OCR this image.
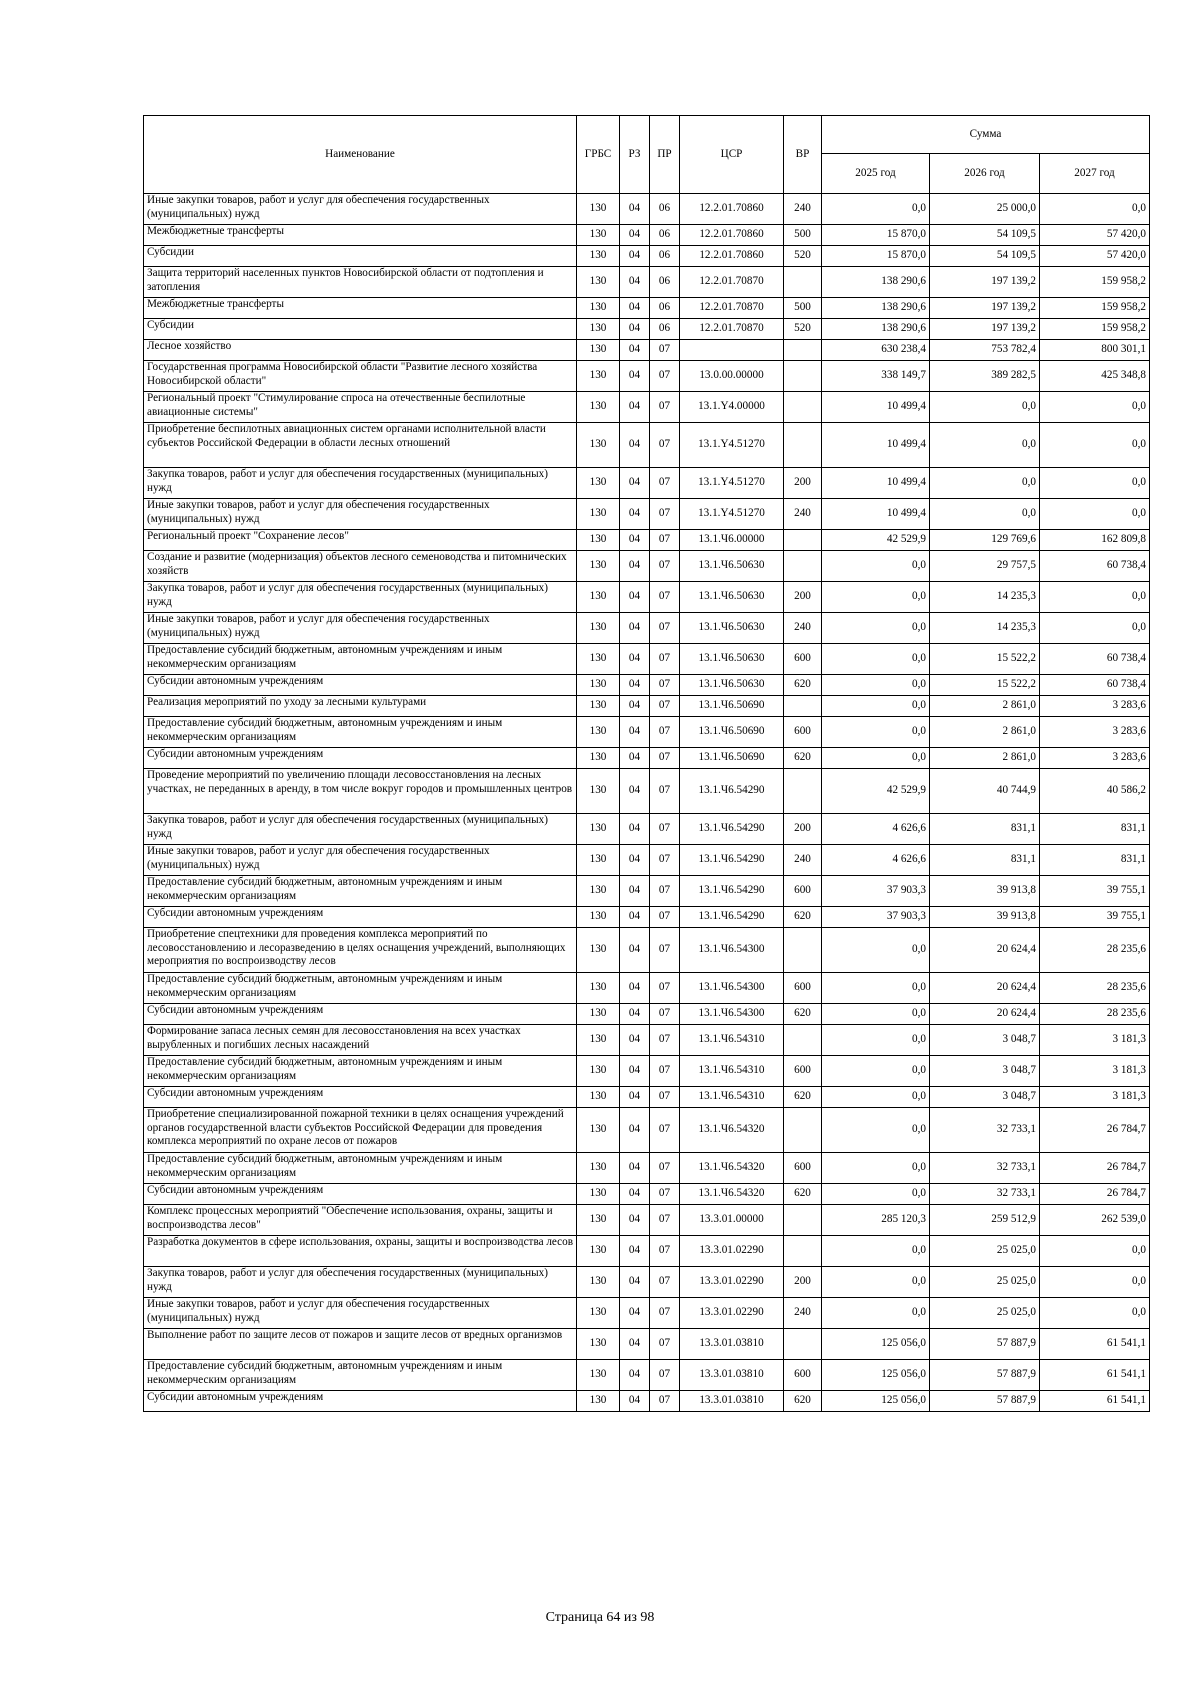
Наименование	ГРБС	РЗ	ПР	ЦСР	ВР	Сумма		
						2025 год	2026 год	2027 год
Иные закупки товаров, работ и услуг для обеспечения государственных (муниципальных) нужд	130	04	06	12.2.01.70860	240	0,0	25 000,0	0,0
Межбюджетные трансферты	130	04	06	12.2.01.70860	500	15 870,0	54 109,5	57 420,0
Субсидии	130	04	06	12.2.01.70860	520	15 870,0	54 109,5	57 420,0
Защита территорий населенных пунктов Новосибирской области от подтопления и затопления	130	04	06	12.2.01.70870		138 290,6	197 139,2	159 958,2
Межбюджетные трансферты	130	04	06	12.2.01.70870	500	138 290,6	197 139,2	159 958,2
Субсидии	130	04	06	12.2.01.70870	520	138 290,6	197 139,2	159 958,2
Лесное хозяйство	130	04	07			630 238,4	753 782,4	800 301,1
Государственная программа Новосибирской области "Развитие лесного хозяйства Новосибирской области"	130	04	07	13.0.00.00000		338 149,7	389 282,5	425 348,8
Региональный проект "Стимулирование спроса на отечественные беспилотные авиационные системы"	130	04	07	13.1.Y4.00000		10 499,4	0,0	0,0
Приобретение беспилотных авиационных систем органами исполнительной власти субъектов Российской Федерации в области лесных отношений	130	04	07	13.1.Y4.51270		10 499,4	0,0	0,0
Закупка товаров, работ и услуг для обеспечения государственных (муниципальных) нужд	130	04	07	13.1.Y4.51270	200	10 499,4	0,0	0,0
Иные закупки товаров, работ и услуг для обеспечения государственных (муниципальных) нужд	130	04	07	13.1.Y4.51270	240	10 499,4	0,0	0,0
Региональный проект "Сохранение лесов"	130	04	07	13.1.Ч6.00000		42 529,9	129 769,6	162 809,8
Создание и развитие (модернизация) объектов лесного семеноводства и питомнических хозяйств	130	04	07	13.1.Ч6.50630		0,0	29 757,5	60 738,4
Закупка товаров, работ и услуг для обеспечения государственных (муниципальных) нужд	130	04	07	13.1.Ч6.50630	200	0,0	14 235,3	0,0
Иные закупки товаров, работ и услуг для обеспечения государственных (муниципальных) нужд	130	04	07	13.1.Ч6.50630	240	0,0	14 235,3	0,0
Предоставление субсидий бюджетным, автономным учреждениям и иным некоммерческим организациям	130	04	07	13.1.Ч6.50630	600	0,0	15 522,2	60 738,4
Субсидии автономным учреждениям	130	04	07	13.1.Ч6.50630	620	0,0	15 522,2	60 738,4
Реализация мероприятий по уходу за лесными культурами	130	04	07	13.1.Ч6.50690		0,0	2 861,0	3 283,6
Предоставление субсидий бюджетным, автономным учреждениям и иным некоммерческим организациям	130	04	07	13.1.Ч6.50690	600	0,0	2 861,0	3 283,6
Субсидии автономным учреждениям	130	04	07	13.1.Ч6.50690	620	0,0	2 861,0	3 283,6
Проведение мероприятий по увеличению площади лесовосстановления на лесных участках, не переданных в аренду, в том числе вокруг городов и промышленных центров	130	04	07	13.1.Ч6.54290		42 529,9	40 744,9	40 586,2
Закупка товаров, работ и услуг для обеспечения государственных (муниципальных) нужд	130	04	07	13.1.Ч6.54290	200	4 626,6	831,1	831,1
Иные закупки товаров, работ и услуг для обеспечения государственных (муниципальных) нужд	130	04	07	13.1.Ч6.54290	240	4 626,6	831,1	831,1
Предоставление субсидий бюджетным, автономным учреждениям и иным некоммерческим организациям	130	04	07	13.1.Ч6.54290	600	37 903,3	39 913,8	39 755,1
Субсидии автономным учреждениям	130	04	07	13.1.Ч6.54290	620	37 903,3	39 913,8	39 755,1
Приобретение спецтехники для проведения комплекса мероприятий по лесовосстановлению и лесоразведению в целях оснащения учреждений, выполняющих мероприятия по воспроизводству лесов	130	04	07	13.1.Ч6.54300		0,0	20 624,4	28 235,6
Предоставление субсидий бюджетным, автономным учреждениям и иным некоммерческим организациям	130	04	07	13.1.Ч6.54300	600	0,0	20 624,4	28 235,6
Субсидии автономным учреждениям	130	04	07	13.1.Ч6.54300	620	0,0	20 624,4	28 235,6
Формирование запаса лесных семян для лесовосстановления на всех участках вырубленных и погибших лесных насаждений	130	04	07	13.1.Ч6.54310		0,0	3 048,7	3 181,3
Предоставление субсидий бюджетным, автономным учреждениям и иным некоммерческим организациям	130	04	07	13.1.Ч6.54310	600	0,0	3 048,7	3 181,3
Субсидии автономным учреждениям	130	04	07	13.1.Ч6.54310	620	0,0	3 048,7	3 181,3
Приобретение специализированной пожарной техники в целях оснащения учреждений органов государственной власти субъектов Российской Федерации для проведения комплекса мероприятий по охране лесов от пожаров	130	04	07	13.1.Ч6.54320		0,0	32 733,1	26 784,7
Предоставление субсидий бюджетным, автономным учреждениям и иным некоммерческим организациям	130	04	07	13.1.Ч6.54320	600	0,0	32 733,1	26 784,7
Субсидии автономным учреждениям	130	04	07	13.1.Ч6.54320	620	0,0	32 733,1	26 784,7
Комплекс процессных мероприятий "Обеспечение использования, охраны, защиты и воспроизводства лесов"	130	04	07	13.3.01.00000		285 120,3	259 512,9	262 539,0
Разработка документов в сфере использования, охраны, защиты и воспроизводства лесов	130	04	07	13.3.01.02290		0,0	25 025,0	0,0
Закупка товаров, работ и услуг для обеспечения государственных (муниципальных) нужд	130	04	07	13.3.01.02290	200	0,0	25 025,0	0,0
Иные закупки товаров, работ и услуг для обеспечения государственных (муниципальных) нужд	130	04	07	13.3.01.02290	240	0,0	25 025,0	0,0
Выполнение работ по защите лесов от пожаров и защите лесов от вредных организмов	130	04	07	13.3.01.03810		125 056,0	57 887,9	61 541,1
Предоставление субсидий бюджетным, автономным учреждениям и иным некоммерческим организациям	130	04	07	13.3.01.03810	600	125 056,0	57 887,9	61 541,1
Субсидии автономным учреждениям	130	04	07	13.3.01.03810	620	125 056,0	57 887,9	61 541,1
Страница 64 из 98
